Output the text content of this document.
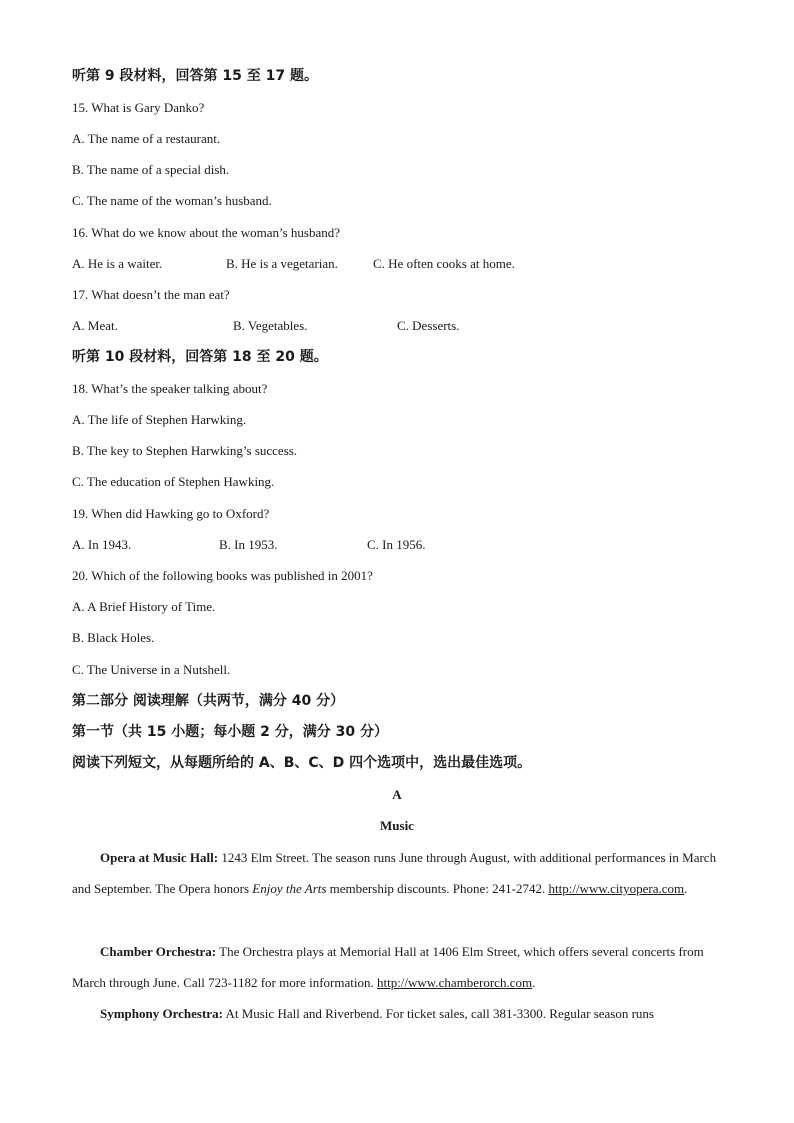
听第 9 段材料，回答第 15 至 17 题。
15. What is Gary Danko?
A. The name of a restaurant.
B. The name of a special dish.
C. The name of the woman’s husband.
16. What do we know about the woman’s husband?
A. He is a waiter.	B. He is a vegetarian.	C. He often cooks at home.
17. What doesn’t the man eat?
A. Meat.	B. Vegetables.	C. Desserts.
听第 10 段材料，回答第 18 至 20 题。
18. What’s the speaker talking about?
A. The life of Stephen Harwking.
B. The key to Stephen Harwking’s success.
C. The education of Stephen Hawking.
19. When did Hawking go to Oxford?
A. In 1943.	B. In 1953.	C. In 1956.
20. Which of the following books was published in 2001?
A. A Brief History of Time.
B. Black Holes.
C. The Universe in a Nutshell.
第二部分 阅读理解（共两节，满分 40 分）
第一节（共 15 小题；每小题 2 分，满分 30 分）
阅读下列短文，从每题所给的 A、B、C、D 四个选项中，选出最佳选项。
A
Music
Opera at Music Hall: 1243 Elm Street. The season runs June through August, with additional performances in March and September. The Opera honors Enjoy the Arts membership discounts. Phone: 241-2742. http://www.cityopera.com.
Chamber Orchestra: The Orchestra plays at Memorial Hall at 1406 Elm Street, which offers several concerts from March through June. Call 723-1182 for more information. http://www.chamberorch.com.
Symphony Orchestra: At Music Hall and Riverbend. For ticket sales, call 381-3300. Regular season runs
